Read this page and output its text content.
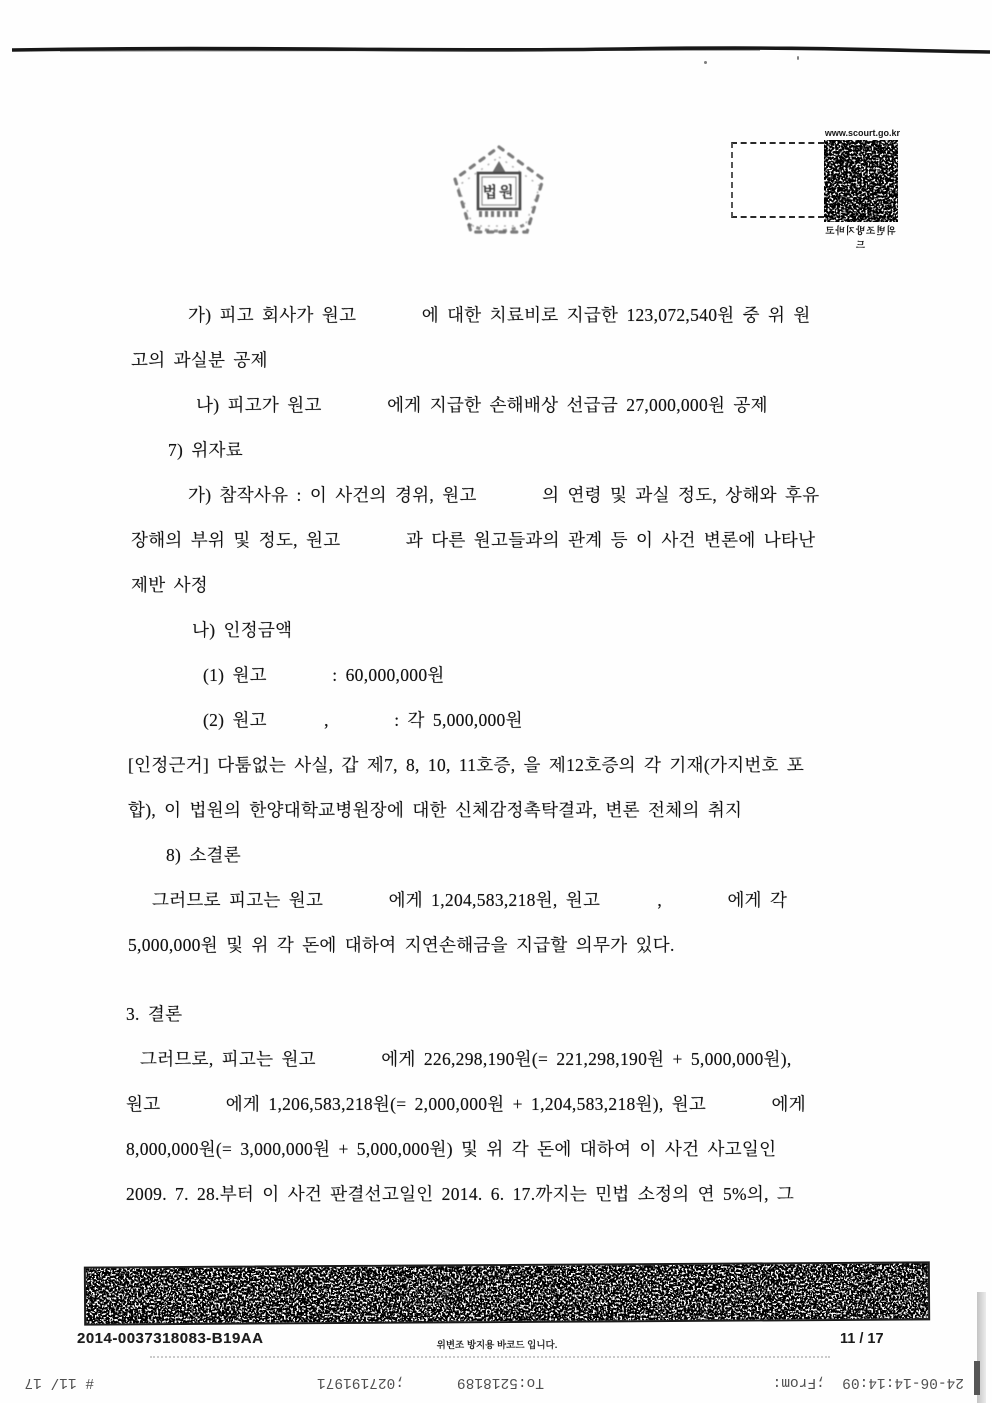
법원
www.scourt.go.kr
위변조방지바코드
가) 피고 회사가 원고        에 대한 치료비로 지급한 123,072,540원 중 위 원
고의 과실분 공제
나) 피고가 원고        에게 지급한 손해배상 선급금 27,000,000원 공제
7) 위자료
가) 참작사유 : 이 사건의 경위, 원고        의 연령 및 과실 정도, 상해와 후유
장해의 부위 및 정도, 원고        과 다른 원고들과의 관계 등 이 사건 변론에 나타난
제반 사정
나) 인정금액
(1) 원고        : 60,000,000원
(2) 원고       ,        : 각 5,000,000원
[인정근거] 다툼없는 사실, 갑 제7, 8, 10, 11호증, 을 제12호증의 각 기재(가지번호 포
합), 이 법원의 한양대학교병원장에 대한 신체감정촉탁결과, 변론 전체의 취지
8) 소결론
그러므로 피고는 원고        에게 1,204,583,218원, 원고       ,        에게 각
5,000,000원 및 위 각 돈에 대하여 지연손해금을 지급할 의무가 있다.
3. 결론
그러므로, 피고는 원고        에게 226,298,190원(= 221,298,190원 + 5,000,000원),
원고        에게 1,206,583,218원(= 2,000,000원 + 1,204,583,218원), 원고        에게
8,000,000원(= 3,000,000원 + 5,000,000원) 및 위 각 돈에 대하여 이 사건 사고일인
2009. 7. 28.부터 이 사건 판결선고일인 2014. 6. 17.까지는 민법 소정의 연 5%의, 그
2014-0037318083-B19AA	위변조 방지용 바코드 입니다.	11 / 17
24-06-14:14:09  ;From:
To:5218189
;027191971
# 11/ 17
